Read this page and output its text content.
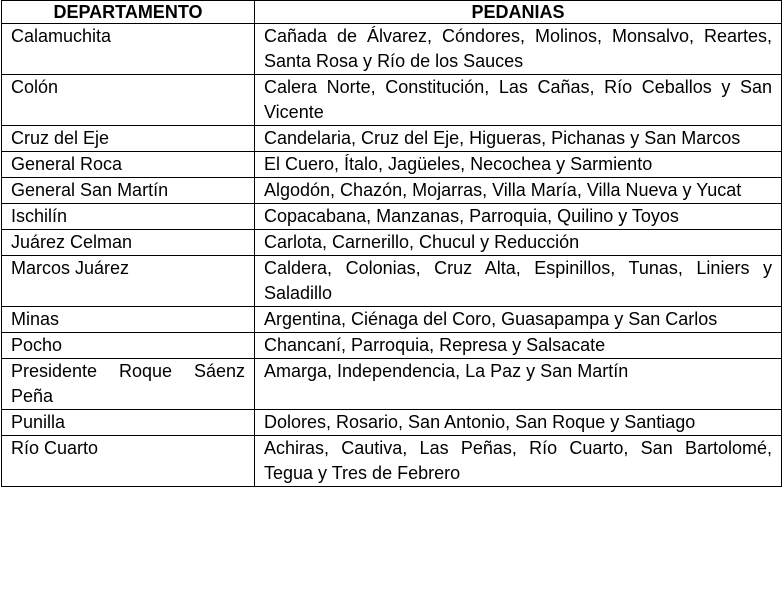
DEPARTAMENTO	PEDANIAS
Calamuchita	Cañada de Álvarez, Cóndores, Molinos, Monsalvo, Reartes, Santa Rosa y Río de los Sauces
Colón	Calera Norte, Constitución, Las Cañas, Río Ceballos y San Vicente
Cruz del Eje	Candelaria, Cruz del Eje, Higueras, Pichanas y San Marcos
General Roca	El Cuero, Ítalo, Jagüeles, Necochea y Sarmiento
General San Martín	Algodón, Chazón, Mojarras, Villa María, Villa Nueva y Yucat
Ischilín	Copacabana, Manzanas, Parroquia, Quilino y Toyos
Juárez Celman	Carlota, Carnerillo, Chucul y Reducción
Marcos Juárez	Caldera, Colonias, Cruz Alta, Espinillos, Tunas, Liniers y Saladillo
Minas	Argentina, Ciénaga del Coro, Guasapampa y San Carlos
Pocho	Chancaní, Parroquia, Represa y Salsacate
Presidente Roque Sáenz Peña	Amarga, Independencia, La Paz y San Martín
Punilla	Dolores, Rosario, San Antonio, San Roque y Santiago
Río Cuarto	Achiras, Cautiva, Las Peñas, Río Cuarto, San Bartolomé, Tegua y Tres de Febrero
